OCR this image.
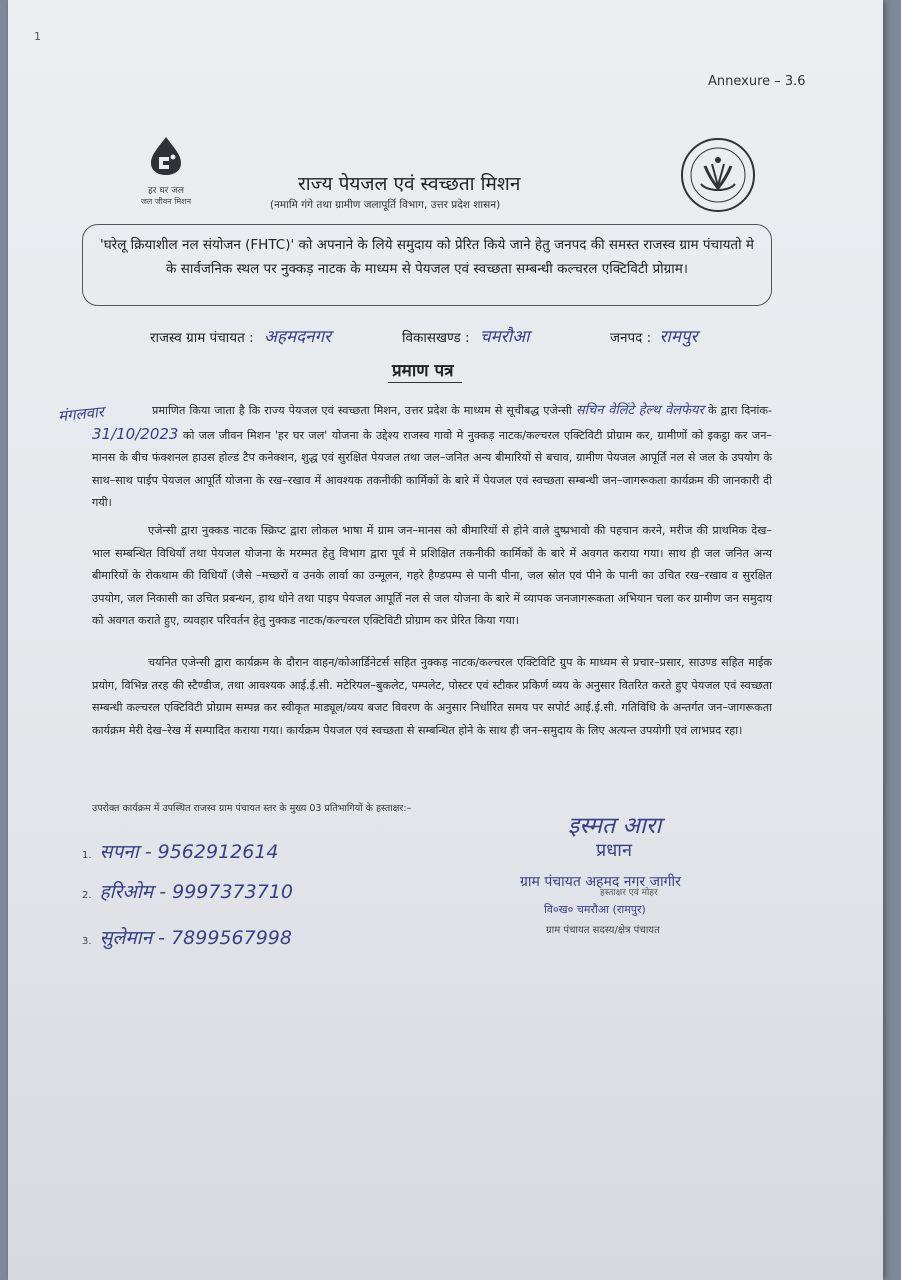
1
Annexure – 3.6
हर घर जल
जल जीवन मिशन
राज्य पेयजल एवं स्वच्छता मिशन
(नमामि गंगे तथा ग्रामीण जलापूर्ति विभाग, उत्तर प्रदेश शासन)
'घरेलू क्रियाशील नल संयोजन (FHTC)' को अपनाने के लिये समुदाय को प्रेरित किये जाने हेतु जनपद की समस्त राजस्व ग्राम पंचायतो मे के सार्वजनिक स्थल पर नुक्कड़ नाटक के माध्यम से पेयजल एवं स्वच्छता सम्बन्धी कल्चरल एक्टिविटी प्रोग्राम।
राजस्व ग्राम पंचायत : अहमदनगर	विकासखण्ड : चमरौआ	जनपद : रामपुर
प्रमाण पत्र
मंगलवार	प्रमाणित किया जाता है कि राज्य पेयजल एवं स्वच्छता मिशन, उत्तर प्रदेश के माध्यम से सूचीबद्ध एजेन्सी सचिन वेलिंटे हेल्थ वेलफेयर के द्वारा दिनांक- 31/10/2023 को जल जीवन मिशन 'हर घर जल' योजना के उद्देश्य राजस्व गावो मे नुक्कड़ नाटक/कल्चरल एक्टिविटी प्रोग्राम कर, ग्रामीणों को इकट्ठा कर जन–मानस के बीच फंक्शनल हाउस होल्ड टैप कनेक्शन, शुद्ध एवं सुरक्षित पेयजल तथा जल–जनित अन्य बीमारियों से बचाव, ग्रामीण पेयजल आपूर्ति नल से जल के उपयोग के साथ–साथ पाईप पेयजल आपूर्ति योजना के रख–रखाव में आवश्यक तकनीकी कार्मिकों के बारे में पेयजल एवं स्वच्छता सम्बन्धी जन–जागरूकता कार्यक्रम की जानकारी दी गयी।
एजेन्सी द्वारा नुक्कड नाटक स्क्रिप्ट द्वारा लोकल भाषा में ग्राम जन–मानस को बीमारियों से होने वाले दुष्प्रभावो की पहचान करने, मरीज की प्राथमिक देख–भाल सम्बन्धित विधियाँ तथा पेयजल योजना के मरम्मत हेतु विभाग द्वारा पूर्व मे प्रशिक्षित तकनीकी कार्मिकों के बारे में अवगत कराया गया। साथ ही जल जनित अन्य बीमारियों के रोकथाम की विधियाँ (जैसे –मच्छरों व उनके लार्वा का उन्मूलन, गहरे हैण्डपम्प से पानी पीना, जल स्रोत एवं पीने के पानी का उचित रख–रखाव व सुरक्षित उपयोग, जल निकासी का उचित प्रबन्धन, हाथ धोने तथा पाइप पेयजल आपूर्ति नल से जल योजना के बारे में व्यापक जनजागरूकता अभियान चला कर ग्रामीण जन समुदाय को अवगत कराते हुए, व्यवहार परिवर्तन हेतु नुक्कड नाटक/कल्चरल एक्टिविटी प्रोग्राम कर प्रेरित किया गया।
चयनित एजेन्सी द्वारा कार्यक्रम के दौरान वाहन/कोआर्डिनेटर्स सहित नुक्कड़ नाटक/कल्चरल एक्टिविटि ग्रुप के माध्यम से प्रचार–प्रसार, साउण्ड सहित माईक प्रयोग, विभिन्न तरह की स्टैण्डीज, तथा आवश्यक आई.ई.सी. मटेरियल–बुकलेट, पम्पलेट, पोस्टर एवं स्टीकर प्रकिर्ण व्यय के अनुसार वितरित करते हुए पेयजल एवं स्वच्छता सम्बन्धी कल्चरल एक्टिविटी प्रोग्राम सम्पन्न कर स्वीकृत माड्यूल/व्यय बजट विवरण के अनुसार निर्धारित समय पर सपोर्ट आई.ई.सी. गतिविधि के अन्तर्गत जन–जागरूकता कार्यक्रम मेरी देख–रेख में सम्पादित कराया गया। कार्यक्रम पेयजल एवं स्वच्छता से सम्बन्धित होने के साथ ही जन–समुदाय के लिए अत्यन्त उपयोगी एवं लाभप्रद रहा।
उपरोक्त कार्यक्रम में उपस्थित राजस्व ग्राम पंचायत स्तर के मुख्य 03 प्रतिभागियों के हस्ताक्षर:–
1. सपना - 9562912614
2. हरिओम - 9997373710
3. सुलेमान - 7899567998
इस्मत आरा
प्रधान
ग्राम पंचायत अहमद नगर जागीर
हस्ताक्षर एवं मोहर
वि०ख० चमरौआ (रामपुर)
ग्राम पंचायत सदस्य/क्षेत्र पंचायत
